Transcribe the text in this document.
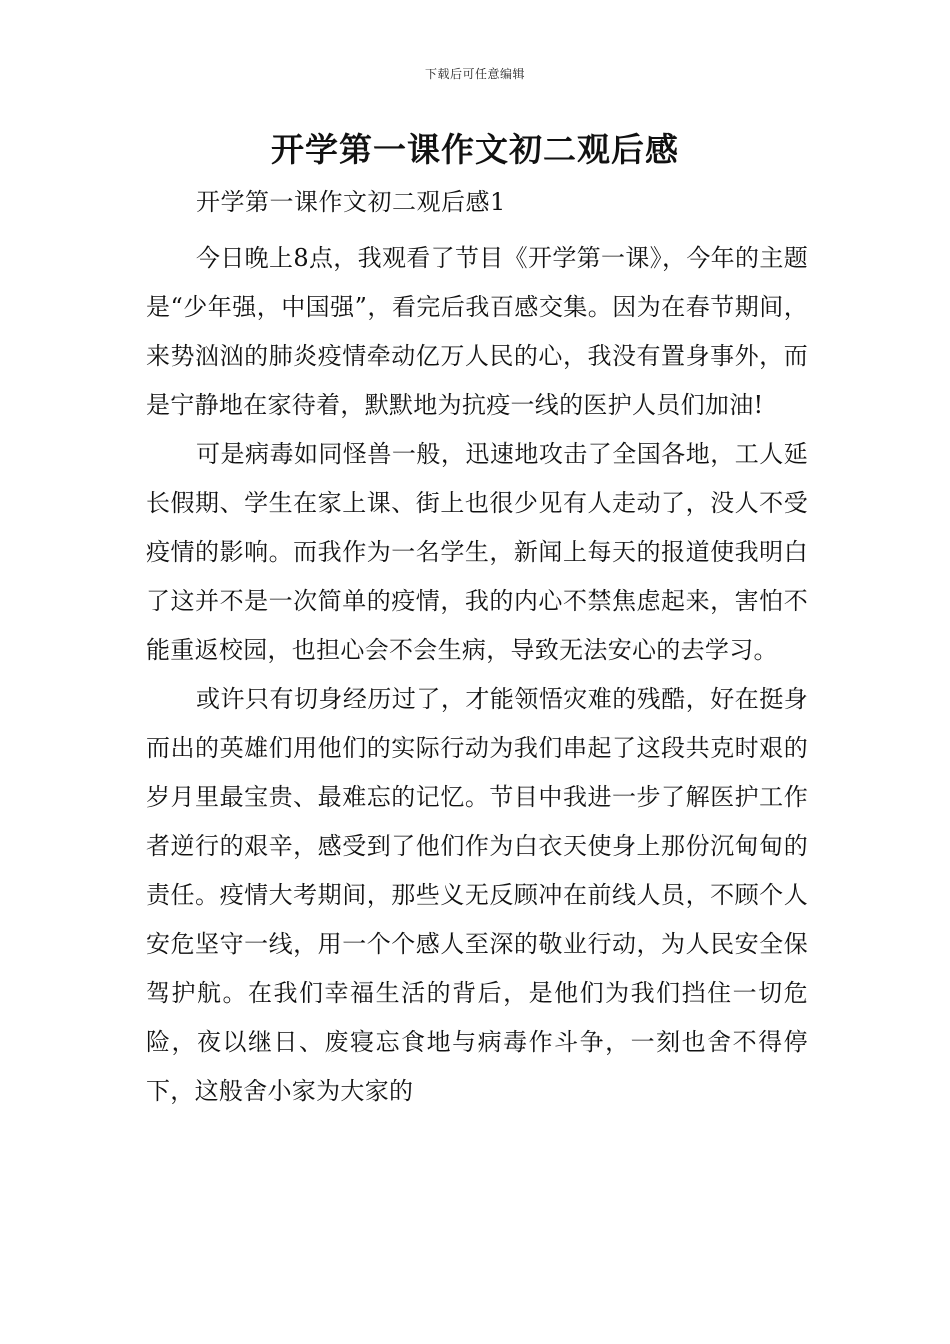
下载后可任意编辑
开学第一课作文初二观后感

开学第一课作文初二观后感1

今日晚上8点，我观看了节目《开学第一课》，今年的主题是“少年强，中国强”，看完后我百感交集。因为在春节期间，来势汹汹的肺炎疫情牵动亿万人民的心，我没有置身事外，而是宁静地在家待着，默默地为抗疫一线的医护人员们加油!

可是病毒如同怪兽一般，迅速地攻击了全国各地，工人延长假期、学生在家上课、街上也很少见有人走动了，没人不受疫情的影响。而我作为一名学生，新闻上每天的报道使我明白了这并不是一次简单的疫情，我的内心不禁焦虑起来，害怕不能重返校园，也担心会不会生病，导致无法安心的去学习。

或许只有切身经历过了，才能领悟灾难的残酷，好在挺身而出的英雄们用他们的实际行动为我们串起了这段共克时艰的岁月里最宝贵、最难忘的记忆。节目中我进一步了解医护工作者逆行的艰辛，感受到了他们作为白衣天使身上那份沉甸甸的责任。疫情大考期间，那些义无反顾冲在前线人员，不顾个人安危坚守一线，用一个个感人至深的敬业行动，为人民安全保驾护航。在我们幸福生活的背后，是他们为我们挡住一切危险，夜以继日、废寝忘食地与病毒作斗争，一刻也舍不得停下，这般舍小家为大家的
